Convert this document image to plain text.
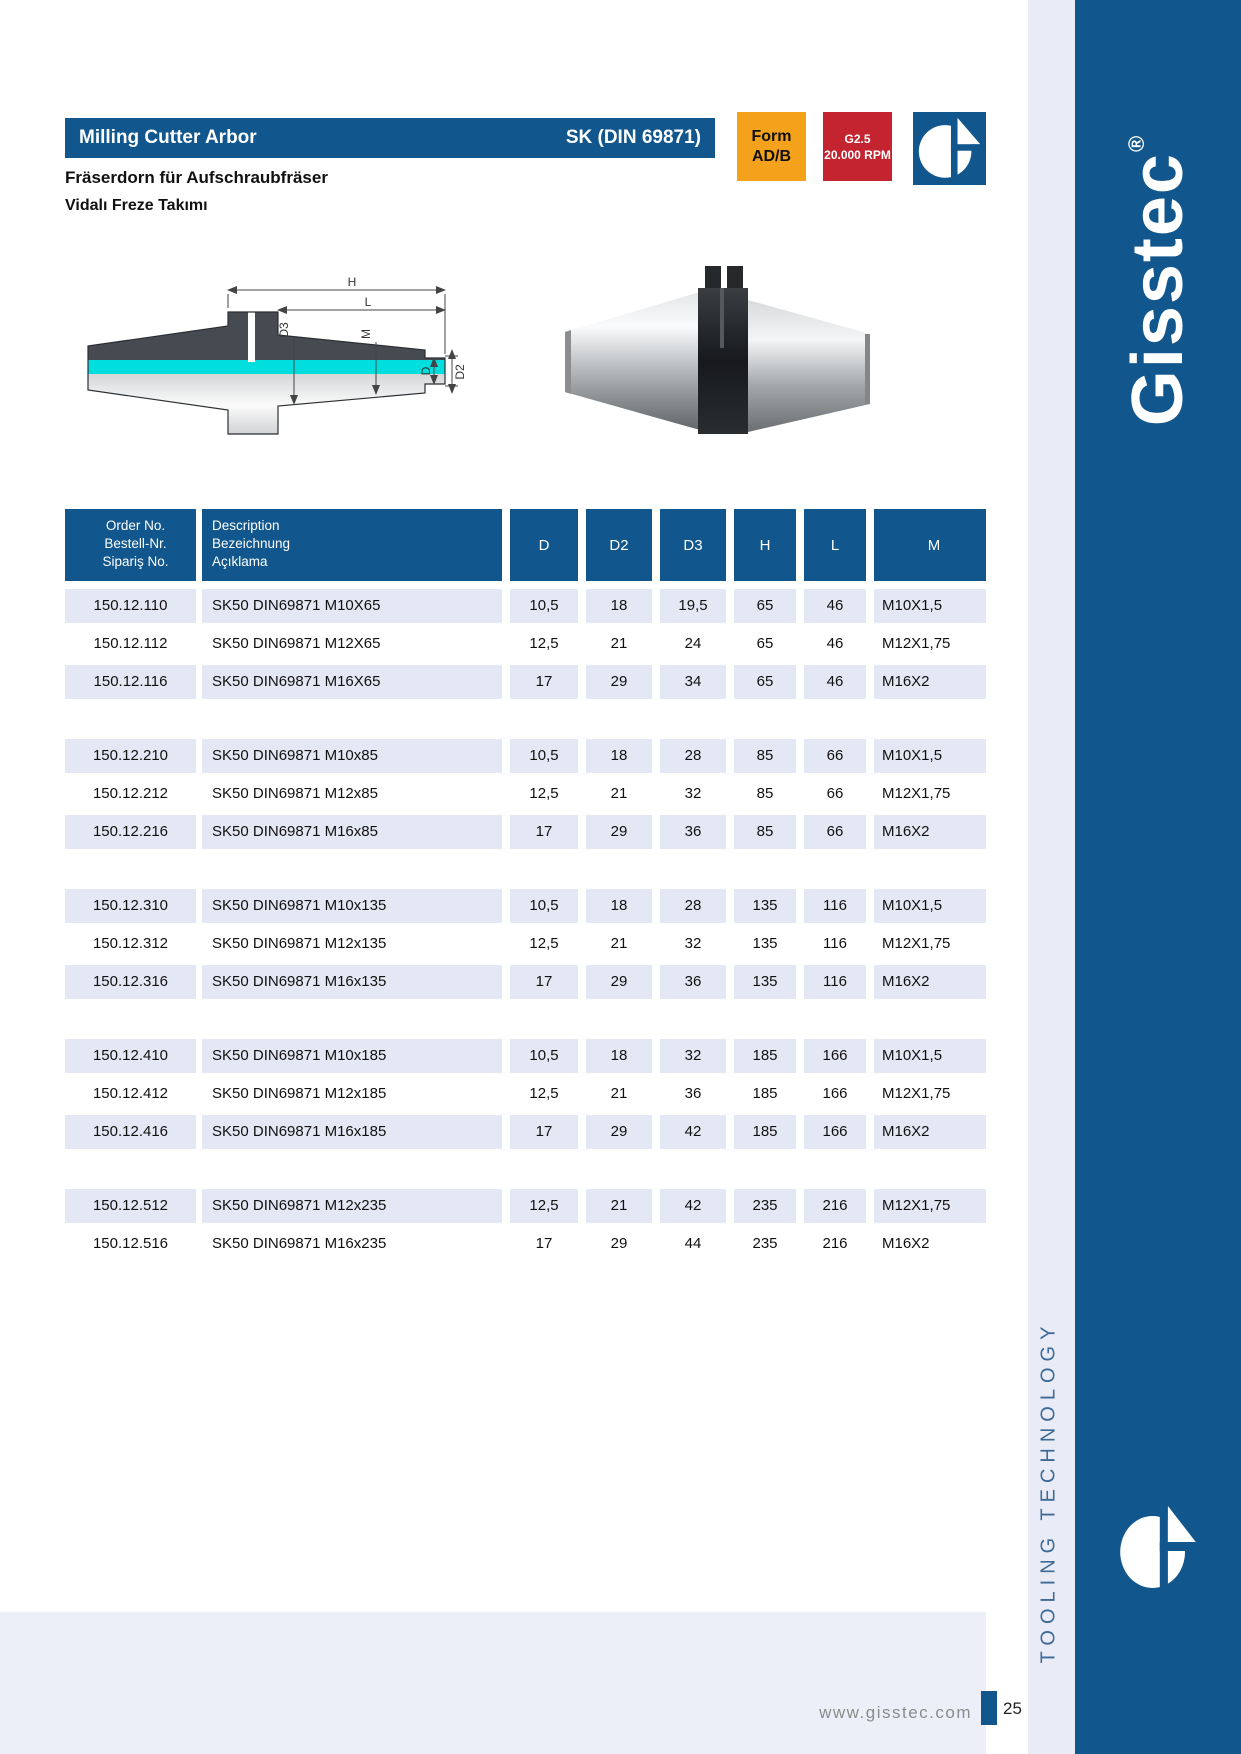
Milling Cutter Arbor	SK (DIN 69871)
Fräserdorn für Aufschraubfräser
Vidalı Freze Takımı
Form
AD/B
G2.5
20.000 RPM
H
L
D3	M
D D2
Order No.
Bestell-Nr.
Sipariş No.
Description
Bezeichnung
Açıklama
D	D2	D3	H	L	M
150.12.110	SK50 DIN69871 M10X65	10,5	18	19,5	65	46	M10X1,5
150.12.112	SK50 DIN69871 M12X65	12,5	21	24	65	46	M12X1,75
150.12.116	SK50 DIN69871 M16X65	17	29	34	65	46	M16X2
150.12.210	SK50 DIN69871 M10x85	10,5	18	28	85	66	M10X1,5
150.12.212	SK50 DIN69871 M12x85	12,5	21	32	85	66	M12X1,75
150.12.216	SK50 DIN69871 M16x85	17	29	36	85	66	M16X2
150.12.310	SK50 DIN69871 M10x135	10,5	18	28	135	116	M10X1,5
150.12.312	SK50 DIN69871 M12x135	12,5	21	32	135	116	M12X1,75
150.12.316	SK50 DIN69871 M16x135	17	29	36	135	116	M16X2
150.12.410	SK50 DIN69871 M10x185	10,5	18	32	185	166	M10X1,5
150.12.412	SK50 DIN69871 M12x185	12,5	21	36	185	166	M12X1,75
150.12.416	SK50 DIN69871 M16x185	17	29	42	185	166	M16X2
150.12.512	SK50 DIN69871 M12x235	12,5	21	42	235	216	M12X1,75
150.12.516	SK50 DIN69871 M16x235	17	29	44	235	216	M16X2
Gisstec®
TOOLING TECHNOLOGY
www.gisstec.com 25
